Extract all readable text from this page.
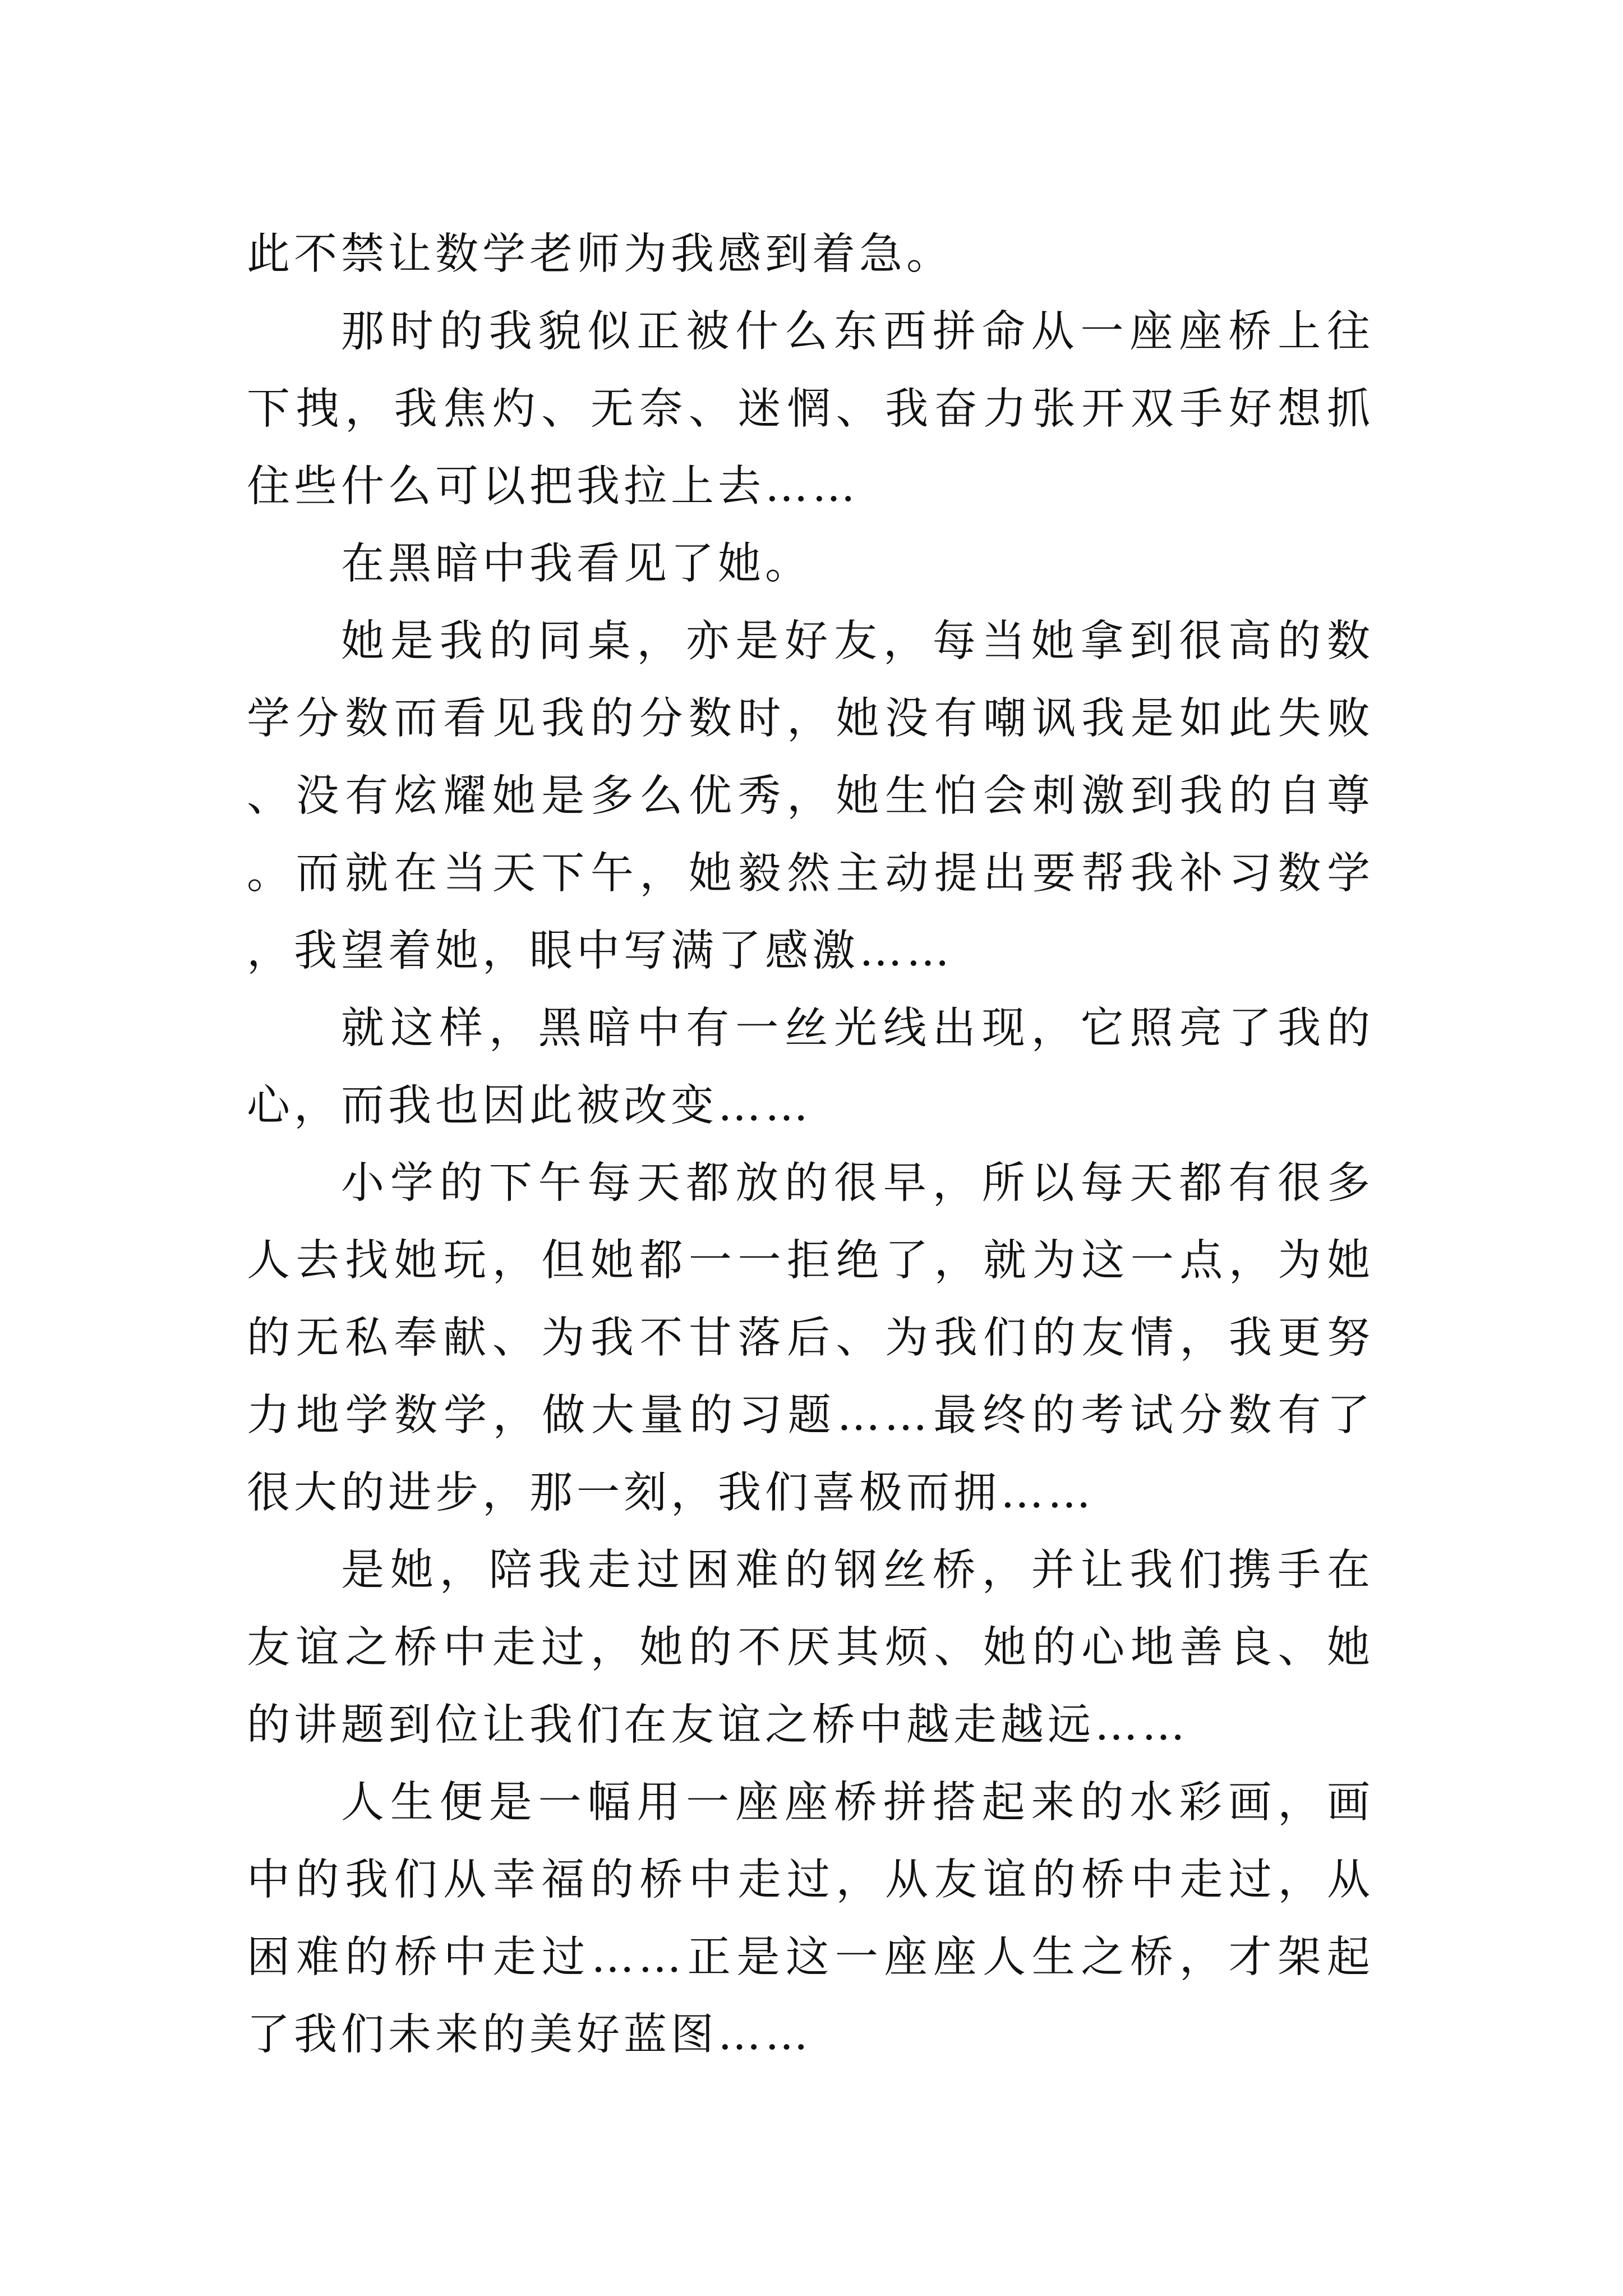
此不禁让数学老师为我感到着急。

那时的我貌似正被什么东西拼命从一座座桥上往下拽，我焦灼、无奈、迷惘、我奋力张开双手好想抓住些什么可以把我拉上去……

在黑暗中我看见了她。

她是我的同桌，亦是好友，每当她拿到很高的数学分数而看见我的分数时，她没有嘲讽我是如此失败、没有炫耀她是多么优秀，她生怕会刺激到我的自尊。而就在当天下午，她毅然主动提出要帮我补习数学，我望着她，眼中写满了感激……

就这样，黑暗中有一丝光线出现，它照亮了我的心，而我也因此被改变……

小学的下午每天都放的很早，所以每天都有很多人去找她玩，但她都一一拒绝了，就为这一点，为她的无私奉献、为我不甘落后、为我们的友情，我更努力地学数学，做大量的习题……最终的考试分数有了很大的进步，那一刻，我们喜极而拥……

是她，陪我走过困难的钢丝桥，并让我们携手在友谊之桥中走过，她的不厌其烦、她的心地善良、她的讲题到位让我们在友谊之桥中越走越远……

人生便是一幅用一座座桥拼搭起来的水彩画，画中的我们从幸福的桥中走过，从友谊的桥中走过，从困难的桥中走过……正是这一座座人生之桥，才架起了我们未来的美好蓝图……
